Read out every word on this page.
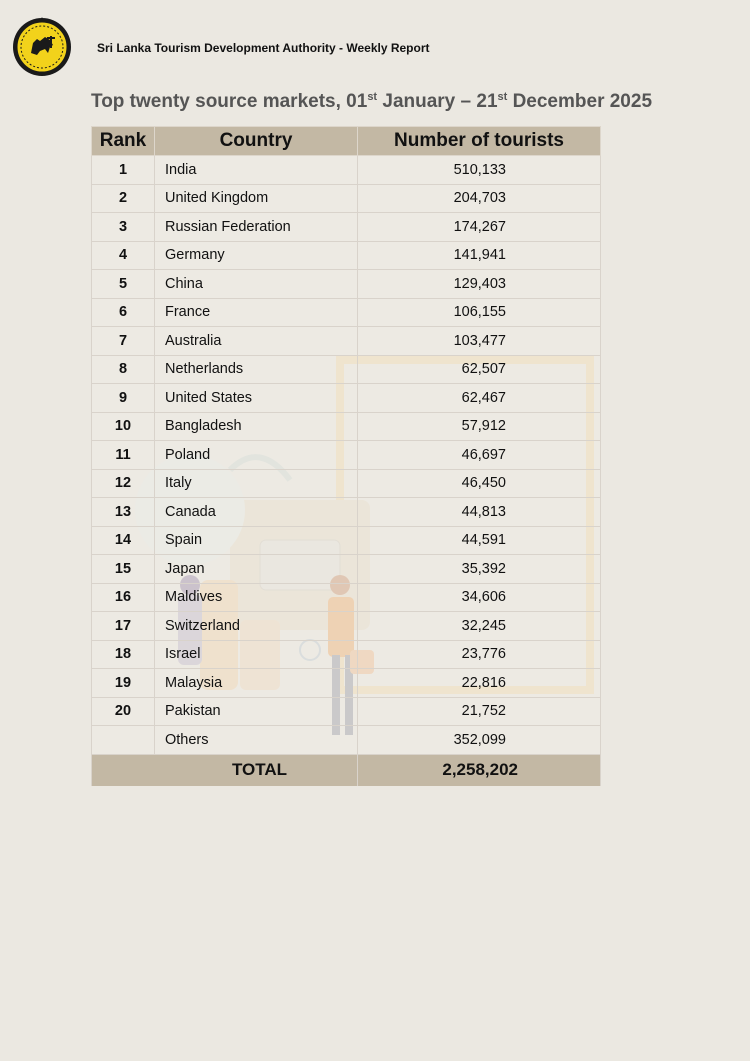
Sri Lanka Tourism Development Authority - Weekly Report
Top twenty source markets, 01st January – 21st December 2025
Rank	Country	Number of tourists
1	India	510,133
2	United Kingdom	204,703
3	Russian Federation	174,267
4	Germany	141,941
5	China	129,403
6	France	106,155
7	Australia	103,477
8	Netherlands	62,507
9	United States	62,467
10	Bangladesh	57,912
11	Poland	46,697
12	Italy	46,450
13	Canada	44,813
14	Spain	44,591
15	Japan	35,392
16	Maldives	34,606
17	Switzerland	32,245
18	Israel	23,776
19	Malaysia	22,816
20	Pakistan	21,752
	Others	352,099
TOTAL		2,258,202
